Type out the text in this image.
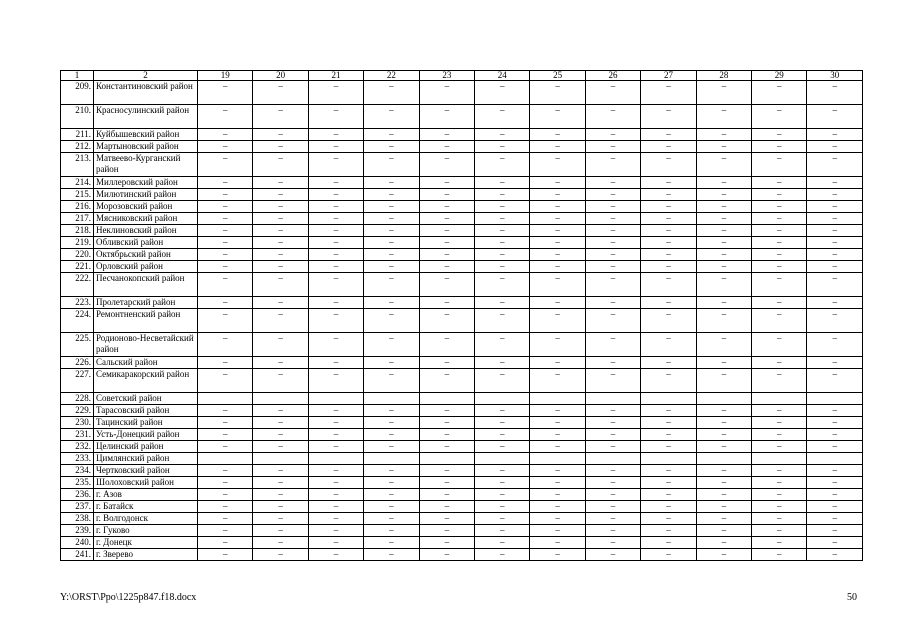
1	2	19	20	21	22	23	24	25	26	27	28	29	30
209.	Константиновский район	–	–	–	–	–	–	–	–	–	–	–	–
210.	Красносулинский район	–	–	–	–	–	–	–	–	–	–	–	–
211.	Куйбышевский район	–	–	–	–	–	–	–	–	–	–	–	–
212.	Мартыновский район	–	–	–	–	–	–	–	–	–	–	–	–
213.	Матвеево-Курганский район	–	–	–	–	–	–	–	–	–	–	–	–
214.	Миллеровский район	–	–	–	–	–	–	–	–	–	–	–	–
215.	Милютинский район	–	–	–	–	–	–	–	–	–	–	–	–
216.	Морозовский район	–	–	–	–	–	–	–	–	–	–	–	–
217.	Мясниковский район	–	–	–	–	–	–	–	–	–	–	–	–
218.	Неклиновский район	–	–	–	–	–	–	–	–	–	–	–	–
219.	Обливский район	–	–	–	–	–	–	–	–	–	–	–	–
220.	Октябрьский район	–	–	–	–	–	–	–	–	–	–	–	–
221.	Орловский район	–	–	–	–	–	–	–	–	–	–	–	–
222.	Песчанокопский район	–	–	–	–	–	–	–	–	–	–	–	–
223.	Пролетарский район	–	–	–	–	–	–	–	–	–	–	–	–
224.	Ремонтненский район	–	–	–	–	–	–	–	–	–	–	–	–
225.	Родионово-Несветайский район	–	–	–	–	–	–	–	–	–	–	–	–
226.	Сальский район	–	–	–	–	–	–	–	–	–	–	–	–
227.	Семикаракорский район	–	–	–	–	–	–	–	–	–	–	–	–
228.	Советский район												
229.	Тарасовский район	–	–	–	–	–	–	–	–	–	–	–	–
230.	Тацинский район	–	–	–	–	–	–	–	–	–	–	–	–
231.	Усть-Донецкий район	–	–	–	–	–	–	–	–	–	–	–	–
232.	Целинский район	–	–	–	–	–	–	–	–	–	–	–	–
233.	Цимлянский район												
234.	Чертковский район	–	–	–	–	–	–	–	–	–	–	–	–
235.	Шолоховский район	–	–	–	–	–	–	–	–	–	–	–	–
236.	г. Азов	–	–	–	–	–	–	–	–	–	–	–	–
237.	г. Батайск	–	–	–	–	–	–	–	–	–	–	–	–
238.	г. Волгодонск	–	–	–	–	–	–	–	–	–	–	–	–
239.	г. Гуково	–	–	–	–	–	–	–	–	–	–	–	–
240.	г. Донецк	–	–	–	–	–	–	–	–	–	–	–	–
241.	г. Зверево	–	–	–	–	–	–	–	–	–	–	–	–
Y:\ORST\Ppo\1225p847.f18.docx	50
